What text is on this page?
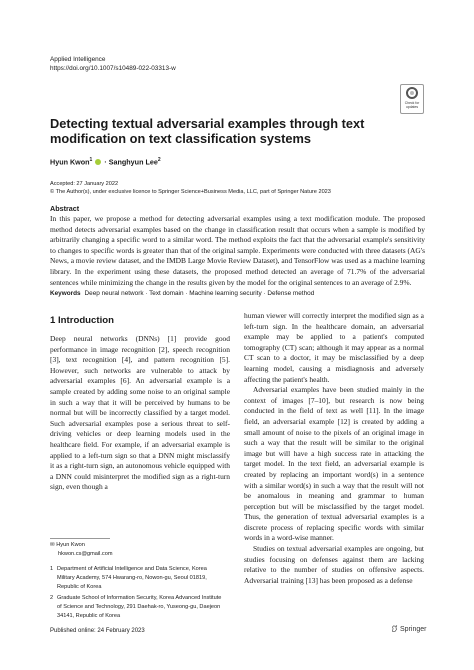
Applied Intelligence
https://doi.org/10.1007/s10489-022-03313-w
Check for
updates
Detecting textual adversarial examples through text modification on text classification systems
Hyun Kwon$^1$ · Sanghyun Lee$^2$
Accepted: 27 January 2022
© The Author(s), under exclusive licence to Springer Science+Business Media, LLC, part of Springer Nature 2023
Abstract
In this paper, we propose a method for detecting adversarial examples using a text modification module. The proposed method detects adversarial examples based on the change in classification result that occurs when a sample is modified by arbitrarily changing a specific word to a similar word. The method exploits the fact that the adversarial example's sensitivity to changes to specific words is greater than that of the original sample. Experiments were conducted with three datasets (AG's News, a movie review dataset, and the IMDB Large Movie Review Dataset), and TensorFlow was used as a machine learning library. In the experiment using these datasets, the proposed method detected an average of 71.7% of the adversarial sentences while minimizing the change in the results given by the model for the original sentences to an average of 2.9%.
Keywords Deep neural network · Text domain · Machine learning security · Defense method
1 Introduction

Deep neural networks (DNNs) [1] provide good performance in image recognition [2], speech recognition [3], text recognition [4], and pattern recognition [5]. However, such networks are vulnerable to attack by adversarial examples [6]. An adversarial example is a sample created by adding some noise to an original sample in such a way that it will be perceived by humans to be normal but will be incorrectly classified by a target model. Such adversarial examples pose a serious threat to self-driving vehicles or deep learning models used in the healthcare field. For example, if an adversarial example is applied to a left-turn sign so that a DNN might misclassify it as a right-turn sign, an autonomous vehicle equipped with a DNN could misinterpret the modified sign as a right-turn sign, even though a

human viewer will correctly interpret the modified sign as a left-turn sign. In the healthcare domain, an adversarial example may be applied to a patient's computed tomography (CT) scan; although it may appear as a normal CT scan to a doctor, it may be misclassified by a deep learning model, causing a misdiagnosis and adversely affecting the patient's health.

Adversarial examples have been studied mainly in the context of images [7–10], but research is now being conducted in the field of text as well [11]. In the image field, an adversarial example [12] is created by adding a small amount of noise to the pixels of an original image in such a way that the result will be similar to the original image but will have a high success rate in attacking the target model. In the text field, an adversarial example is created by replacing an important word(s) in a sentence with a similar word(s) in such a way that the result will not be anomalous in meaning and grammar to human perception but will be misclassified by the target model. Thus, the generation of textual adversarial examples is a discrete process of replacing specific words with similar words in a word-wise manner.

Studies on textual adversarial examples are ongoing, but studies focusing on defenses against them are lacking relative to the number of studies on offensive aspects. Adversarial training [13] has been proposed as a defense

✉ Hyun Kwon
hkwon.cs@gmail.com
1 Department of Artificial Intelligence and Data Science, Korea Military Academy, 574 Hwarang-ro, Nowon-gu, Seoul 01819, Republic of Korea
2 Graduate School of Information Security, Korea Advanced Institute of Science and Technology, 291 Daehak-ro, Yuseong-gu, Daejeon 34141, Republic of Korea
Published online: 24 February 2023	Springer
